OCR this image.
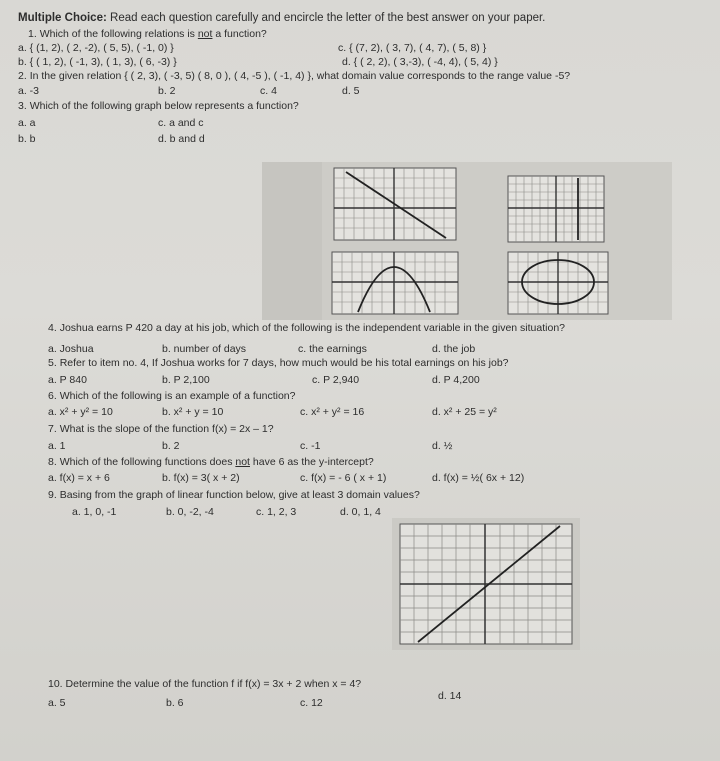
Multiple Choice: Read each question carefully and encircle the letter of the best answer on your paper.
1. Which of the following relations is not a function?
a. { (1, 2), ( 2, -2), ( 5, 5), ( -1, 0) }	c. { (7, 2), ( 3, 7), ( 4, 7), ( 5, 8) }
b. { ( 1, 2), ( -1, 3), ( 1, 3), ( 6, -3) }	d. { ( 2, 2), ( 3,-3), ( -4, 4), ( 5, 4) }
2. In the given relation { ( 2, 3), ( -3, 5) ( 8, 0 ), ( 4, -5 ), ( -1, 4) }, what domain value corresponds to the range value -5?
a. -3	b. 2	c. 4	d. 5
3. Which of the following graph below represents a function?
a. a	c. a and c
b. b	d. b and d
4. Joshua earns P 420 a day at his job, which of the following is the independent variable in the given situation?
a. Joshua	b. number of days	c. the earnings	d. the job
5. Refer to item no. 4, If Joshua works for 7 days, how much would be his total earnings on his job?
a. P 840	b. P 2,100	c. P 2,940	d. P 4,200
6. Which of the following is an example of a function?
a. x² + y² = 10	b. x² + y = 10	c. x² + y² = 16	d. x² + 25 = y²
7. What is the slope of the function f(x) = 2x – 1?
a. 1	b. 2	c. -1	d. ½
8. Which of the following functions does not have 6 as the y-intercept?
a. f(x) = x + 6	b. f(x) = 3( x + 2)	c. f(x) = - 6 ( x + 1)	d. f(x) = ½( 6x + 12)
9. Basing from the graph of linear function below, give at least 3 domain values?
a. 1, 0, -1	b. 0, -2, -4	c. 1, 2, 3	d. 0, 1, 4
10. Determine the value of the function f if f(x) = 3x + 2 when x = 4?
a. 5	b. 6	c. 12
d. 14
